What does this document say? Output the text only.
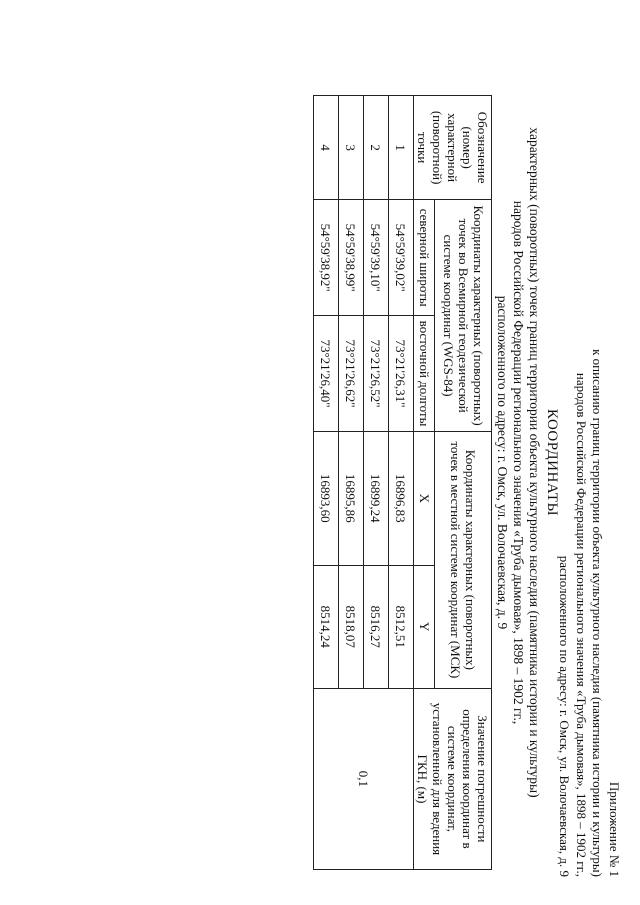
Приложение № 1
к описанию границ территории объекта культурного наследия (памятника истории и культуры)
народов Российской Федерации регионального значения «Труба дымовая», 1898 – 1902 гг.,
расположенного по адресу: г. Омск, ул. Волочаевская, д. 9
КООРДИНАТЫ
характерных (поворотных) точек границ территории объекта культурного наследия (памятника истории и культуры)
народов Российской Федерации регионального значения «Труба дымовая», 1898 – 1902 гг.,
расположенного по адресу: г. Омск, ул. Волочаевская, д. 9
Обозначение (номер) характерной (поворотной) точки	Координаты характерных (поворотных) точек во Всемирной геодезической системе координат (WGS-84)		Координаты характерных (поворотных) точек в местной системе координат (МСК)		Значение погрешности определения координат в системе координат, установленной для ведения ГКН, (м)
	северной широты	восточной долготы	X	Y	
1	54°59'39,02"	73°21'26,31"	16896,83	8512,51	0,1
2	54°59'39,10"	73°21'26,52"	16899,24	8516,27	
3	54°59'38,99"	73°21'26,62"	16895,86	8518,07	
4	54°59'38,92"	73°21'26,40"	16893,60	8514,24	
